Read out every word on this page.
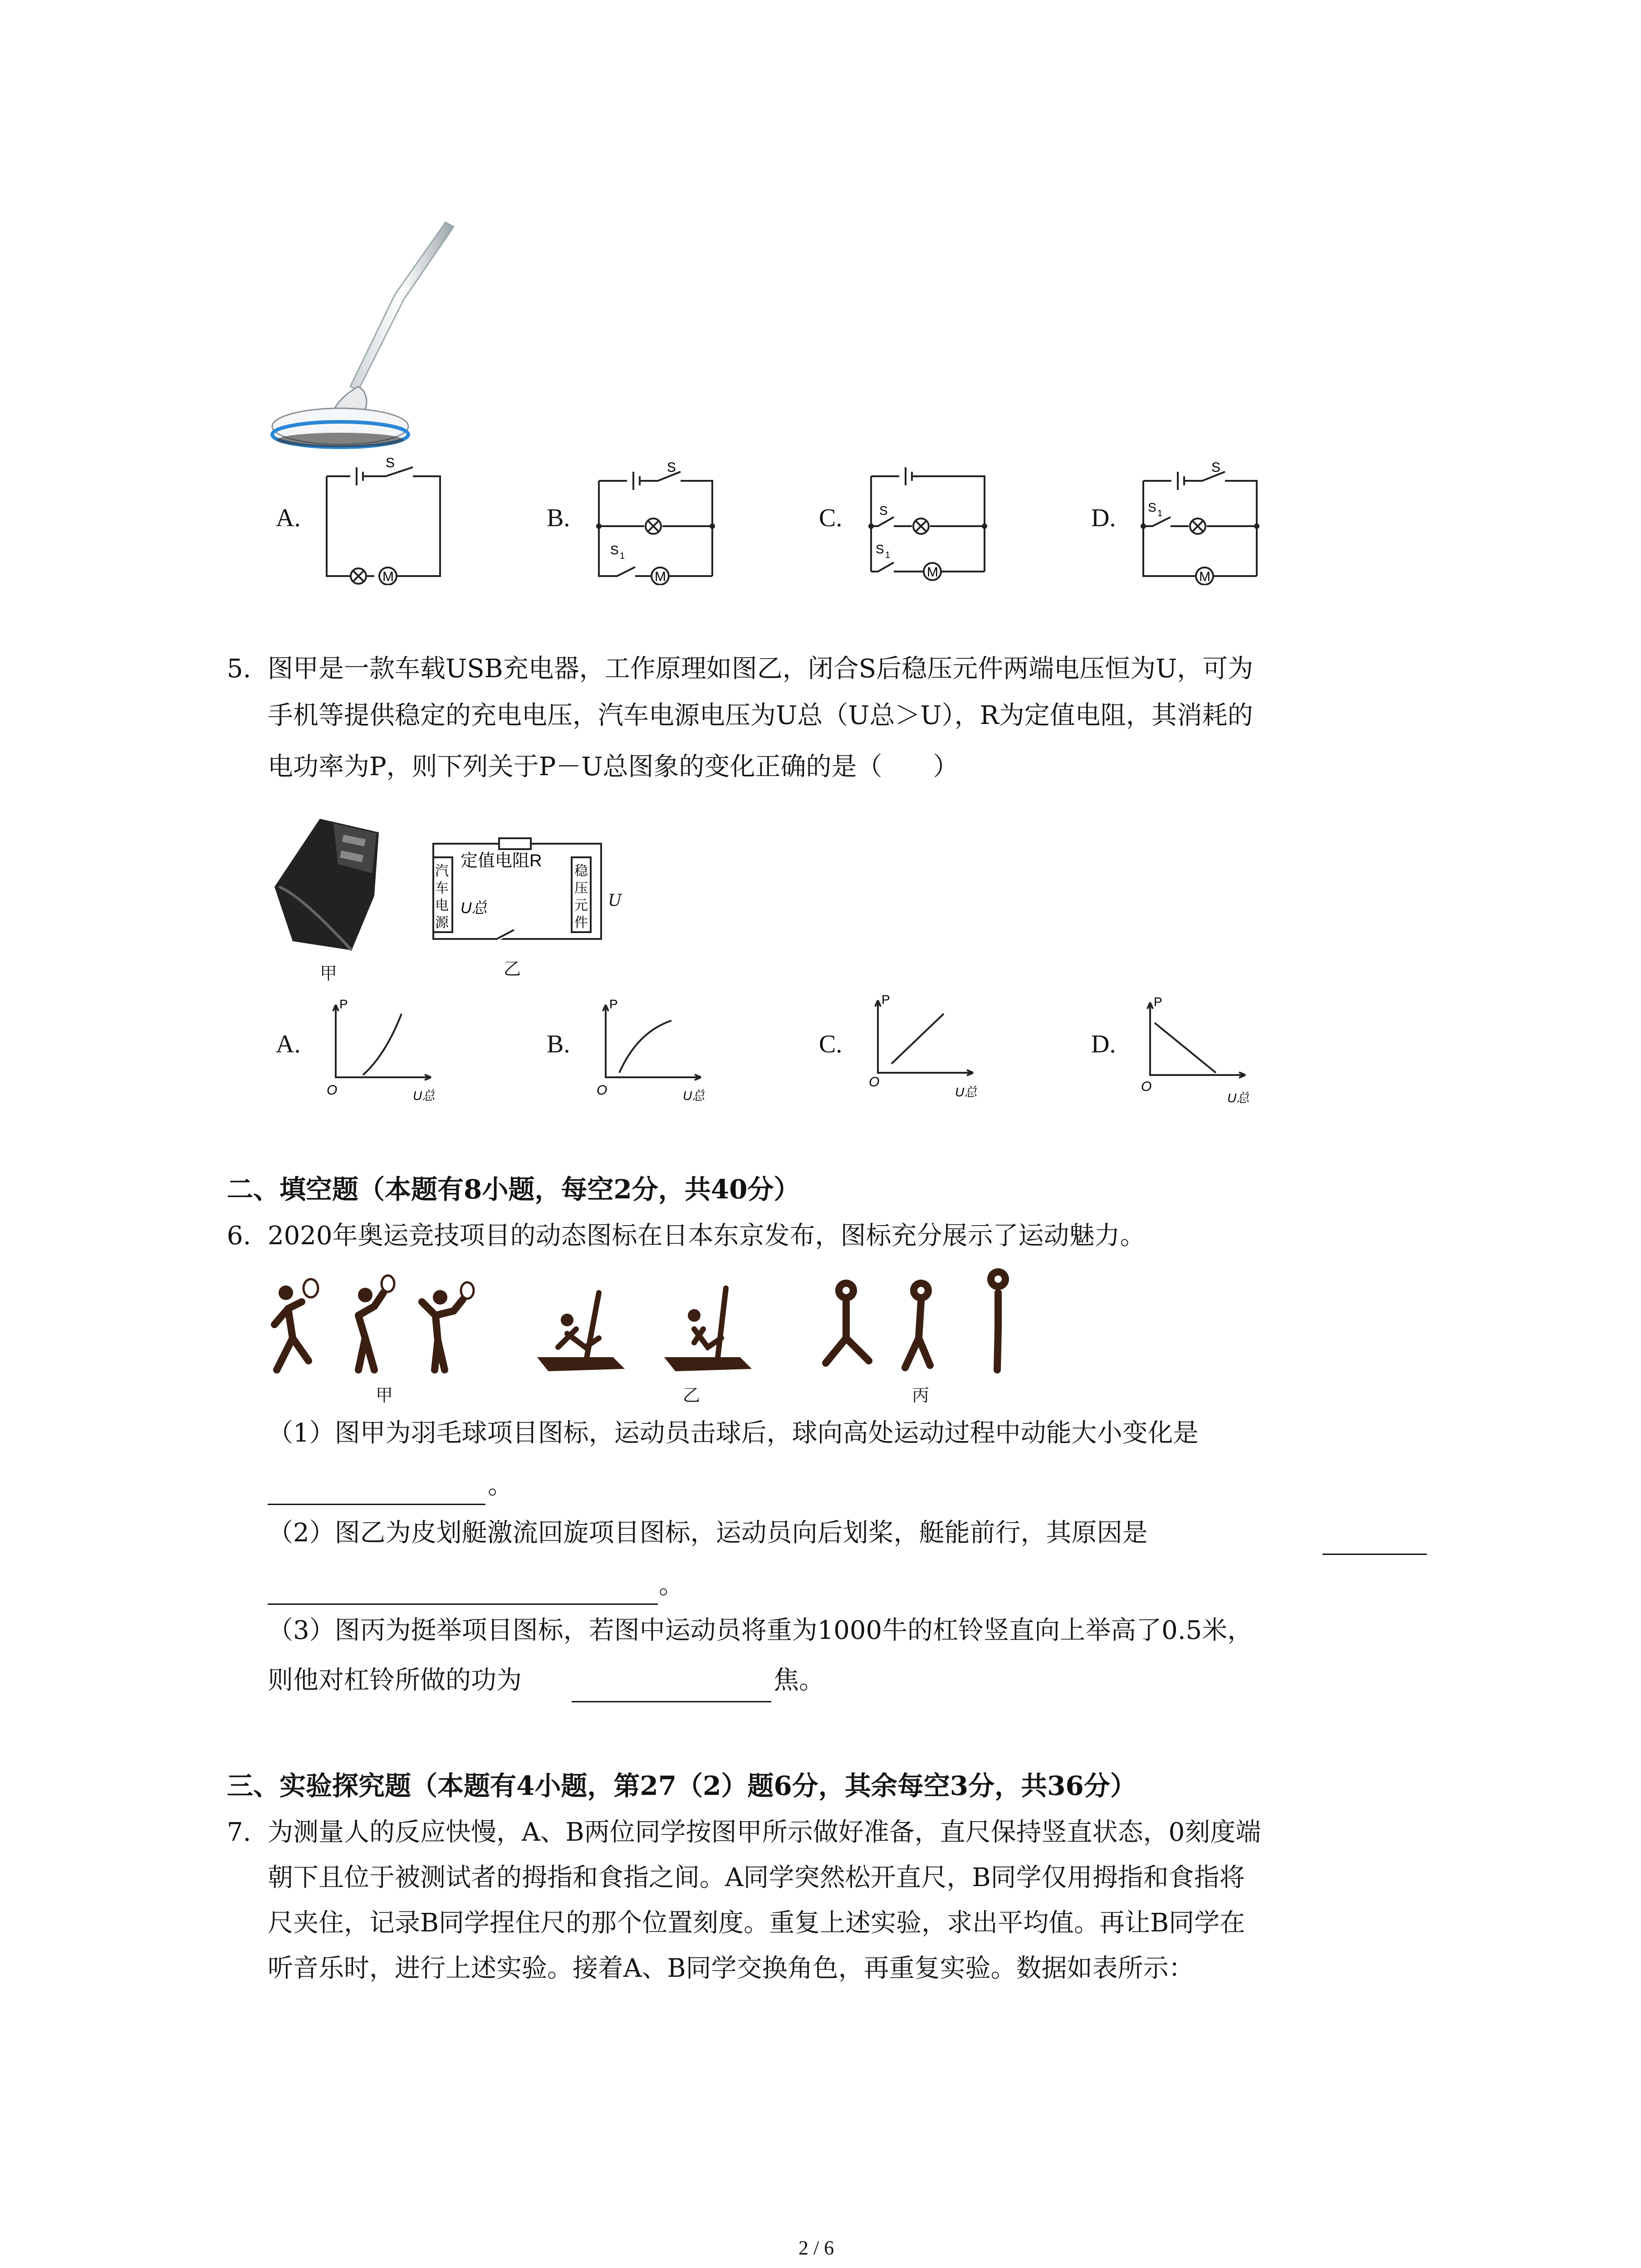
A.	B.	C.	D.
S
M
S
S 1
M
S
S 1
M
S
S 1
M
5. 图甲是一款车载USB充电器，工作原理如图乙，闭合S后稳压元件两端电压恒为U，可为
手机等提供稳定的充电电压，汽车电源电压为U总（U总＞U），R为定值电阻，其消耗的
电功率为P，则下列关于P－U总图象的变化正确的是（　　）
甲
定值电阻R
汽
车
电
源
U总
稳
压
元
件
U
乙
A.	B.	C.	D.
P
O	U总
P
O	U总
P
O
U总
P
O
U总
二、填空题（本题有8小题，每空2分，共40分）
6. 2020年奥运竞技项目的动态图标在日本东京发布，图标充分展示了运动魅力。
甲	乙	丙
（1）图甲为羽毛球项目图标，运动员击球后，球向高处运动过程中动能大小变化是
。
（2）图乙为皮划艇激流回旋项目图标，运动员向后划桨，艇能前行，其原因是
。
（3）图丙为挺举项目图标，若图中运动员将重为1000牛的杠铃竖直向上举高了0.5米，
则他对杠铃所做的功为	焦。
三、实验探究题（本题有4小题，第27（2）题6分，其余每空3分，共36分）
7. 为测量人的反应快慢，A、B两位同学按图甲所示做好准备，直尺保持竖直状态，0刻度端
朝下且位于被测试者的拇指和食指之间。A同学突然松开直尺，B同学仅用拇指和食指将
尺夹住，记录B同学捏住尺的那个位置刻度。重复上述实验，求出平均值。再让B同学在
听音乐时，进行上述实验。接着A、B同学交换角色，再重复实验。数据如表所示：
2 / 6
